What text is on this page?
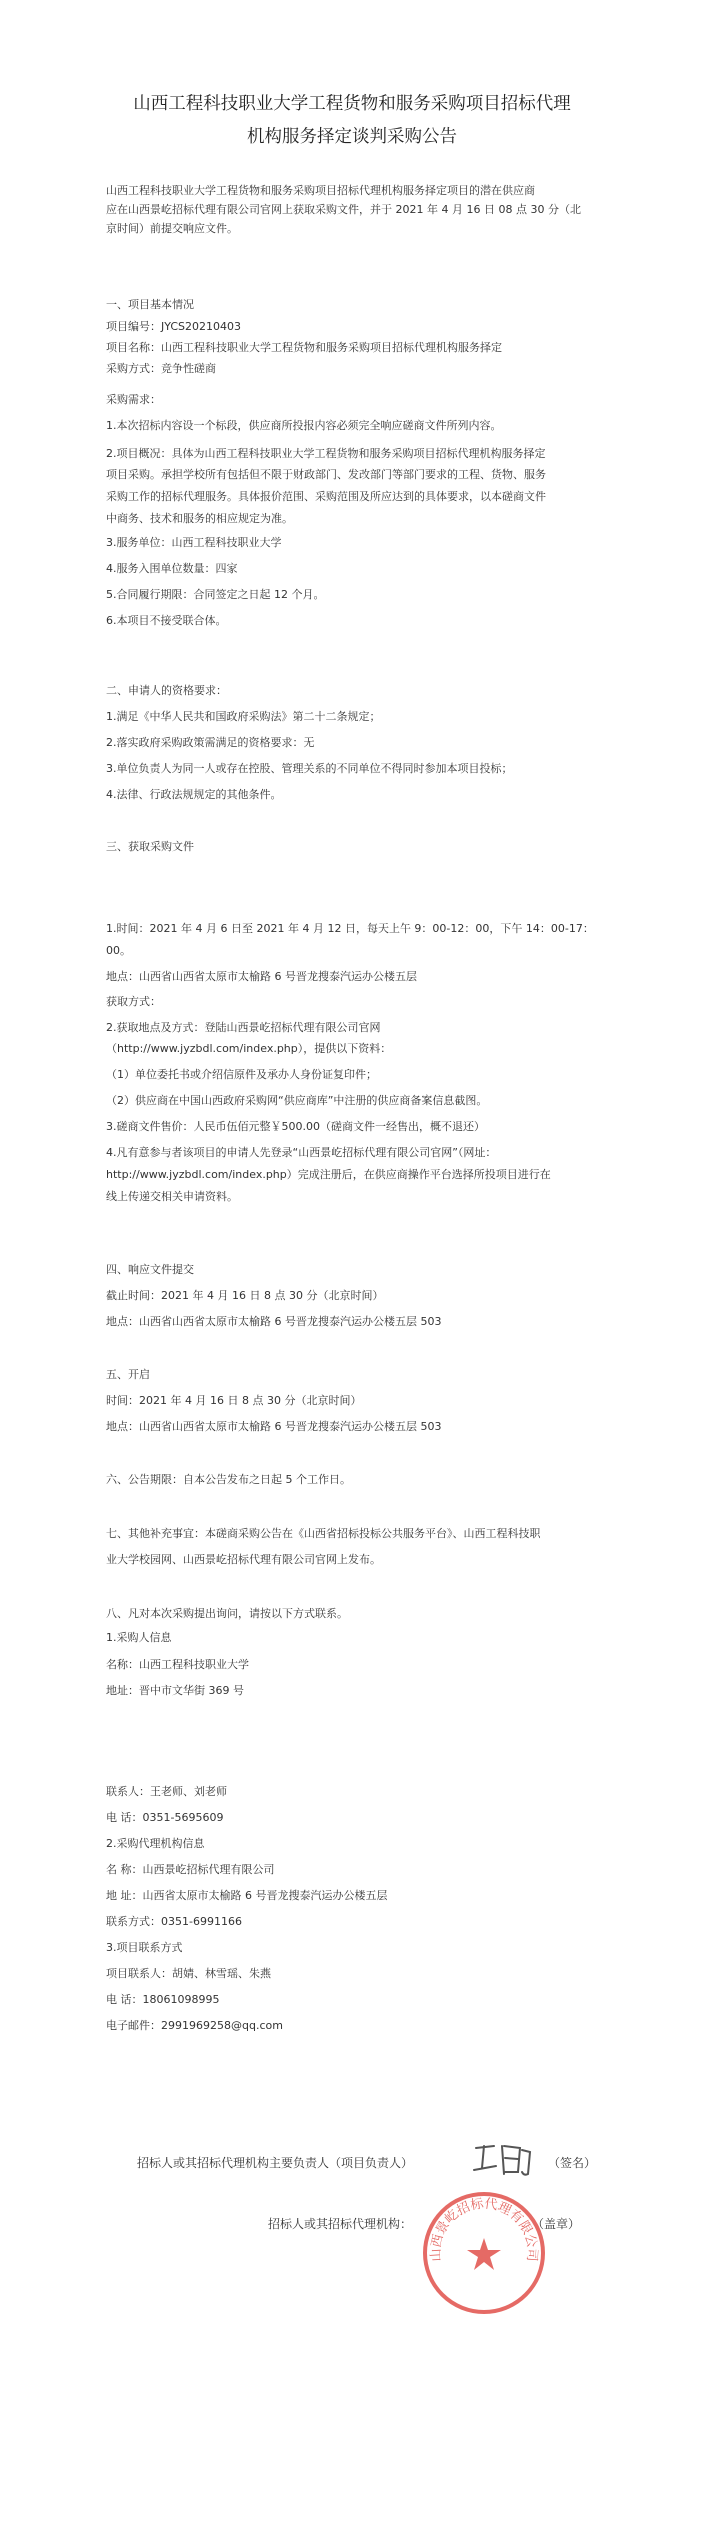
山西工程科技职业大学工程货物和服务采购项目招标代理
机构服务择定谈判采购公告
山西工程科技职业大学工程货物和服务采购项目招标代理机构服务择定项目的潜在供应商
应在山西景屹招标代理有限公司官网上获取采购文件，并于 2021 年 4 月 16 日 08 点 30 分（北
京时间）前提交响应文件。
一、项目基本情况
项目编号：JYCS20210403
项目名称：山西工程科技职业大学工程货物和服务采购项目招标代理机构服务择定
采购方式：竞争性磋商
采购需求：
1.本次招标内容设一个标段，供应商所投报内容必须完全响应磋商文件所列内容。
2.项目概况：具体为山西工程科技职业大学工程货物和服务采购项目招标代理机构服务择定
项目采购。承担学校所有包括但不限于财政部门、发改部门等部门要求的工程、货物、服务
采购工作的招标代理服务。具体报价范围、采购范围及所应达到的具体要求，以本磋商文件
中商务、技术和服务的相应规定为准。
3.服务单位：山西工程科技职业大学
4.服务入围单位数量：四家
5.合同履行期限：合同签定之日起 12 个月。
6.本项目不接受联合体。
二、申请人的资格要求：
1.满足《中华人民共和国政府采购法》第二十二条规定；
2.落实政府采购政策需满足的资格要求：无
3.单位负责人为同一人或存在控股、管理关系的不同单位不得同时参加本项目投标；
4.法律、行政法规规定的其他条件。
三、获取采购文件
1.时间：2021 年 4 月 6 日至 2021 年 4 月 12 日，每天上午 9：00-12：00，下午 14：00-17：
00。
地点：山西省山西省太原市太榆路 6 号晋龙搜泰汽运办公楼五层
获取方式：
2.获取地点及方式：登陆山西景屹招标代理有限公司官网
（http://www.jyzbdl.com/index.php），提供以下资料：
（1）单位委托书或介绍信原件及承办人身份证复印件；
（2）供应商在中国山西政府采购网“供应商库”中注册的供应商备案信息截图。
3.磋商文件售价：人民币伍佰元整￥500.00（磋商文件一经售出，概不退还）
4.凡有意参与者该项目的申请人先登录“山西景屹招标代理有限公司官网”（网址：
http://www.jyzbdl.com/index.php）完成注册后，在供应商操作平台选择所投项目进行在
线上传递交相关申请资料。
四、响应文件提交
截止时间：2021 年 4 月 16 日 8 点 30 分（北京时间）
地点：山西省山西省太原市太榆路 6 号晋龙搜泰汽运办公楼五层 503
五、开启
时间：2021 年 4 月 16 日 8 点 30 分（北京时间）
地点：山西省山西省太原市太榆路 6 号晋龙搜泰汽运办公楼五层 503
六、公告期限：自本公告发布之日起 5 个工作日。
七、其他补充事宜：本磋商采购公告在《山西省招标投标公共服务平台》、山西工程科技职
业大学校园网、山西景屹招标代理有限公司官网上发布。
八、凡对本次采购提出询问，请按以下方式联系。
1.采购人信息
名称：山西工程科技职业大学
地址：晋中市文华街 369 号
联系人：王老师、刘老师
电 话：0351-5695609
2.采购代理机构信息
名 称：山西景屹招标代理有限公司
地 址：山西省太原市太榆路 6 号晋龙搜泰汽运办公楼五层
联系方式：0351-6991166
3.项目联系方式
项目联系人：胡婧、林雪瑶、朱燕
电 话：18061098995
电子邮件：2991969258@qq.com
招标人或其招标代理机构主要负责人（项目负责人）	（签名）
招标人或其招标代理机构：	（盖章）
山西景屹招标代理有限公司
